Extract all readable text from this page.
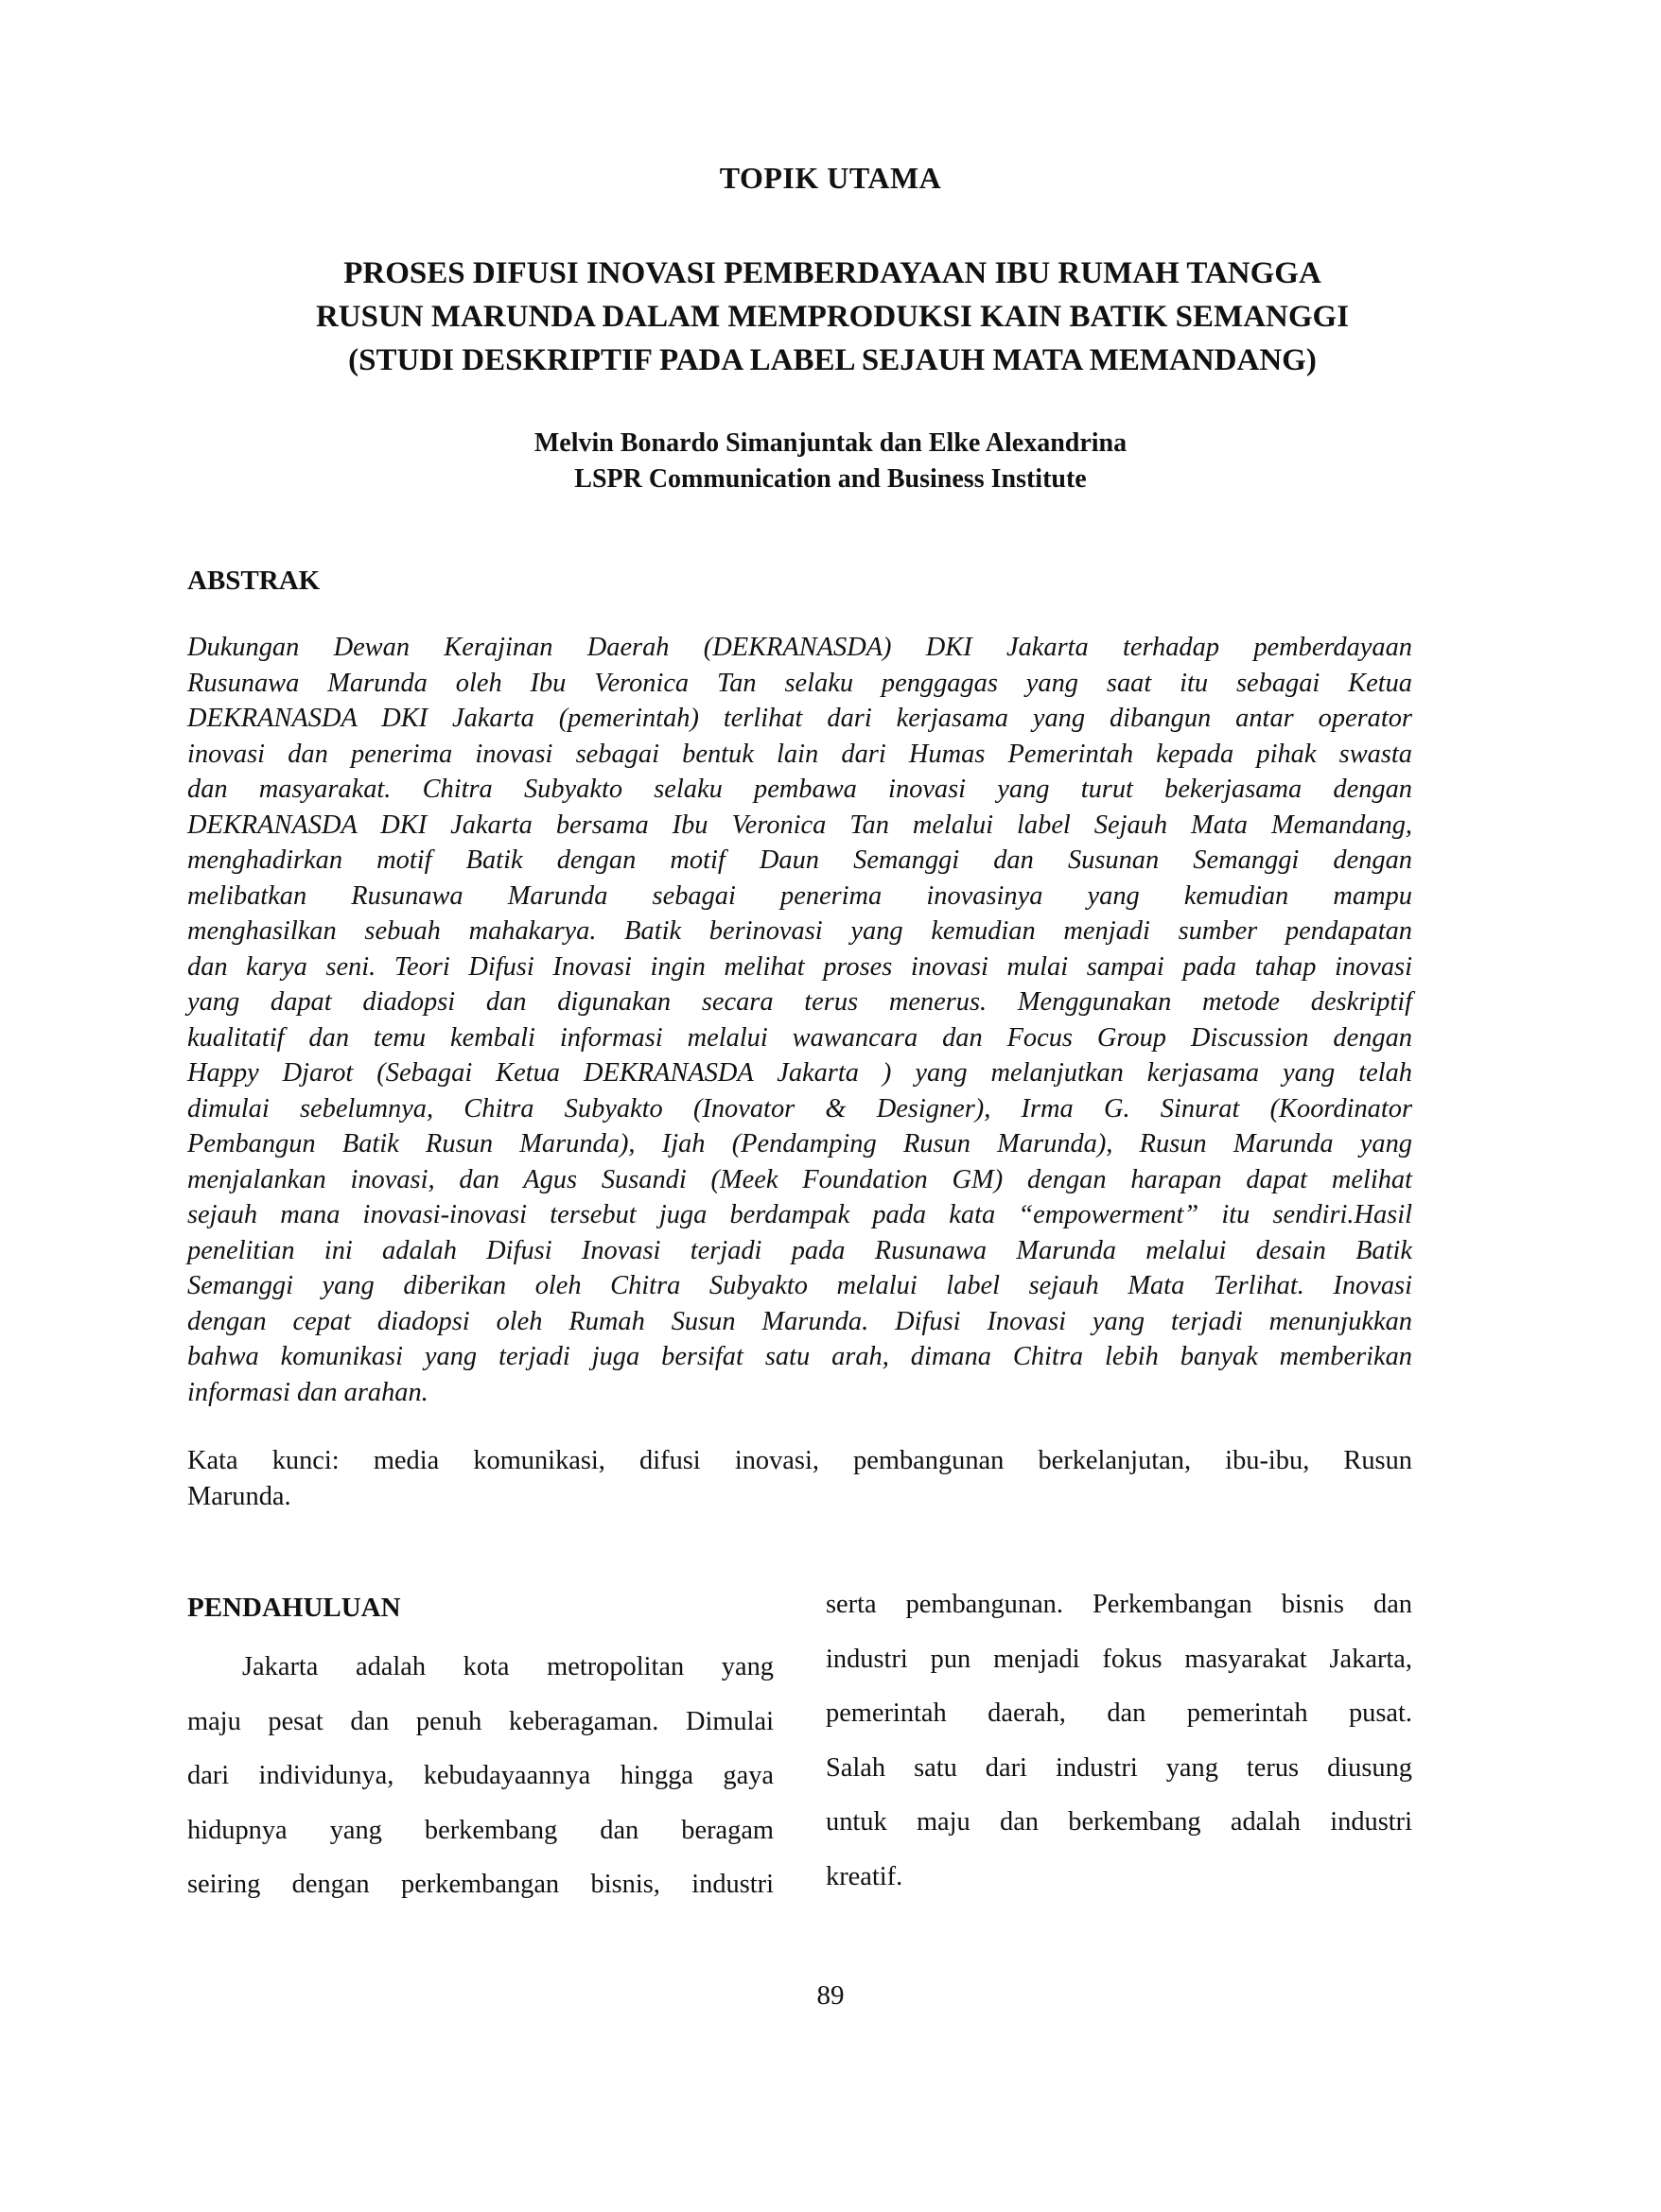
TOPIK UTAMA
PROSES DIFUSI INOVASI PEMBERDAYAAN IBU RUMAH TANGGA
RUSUN MARUNDA DALAM MEMPRODUKSI KAIN BATIK SEMANGGI
(STUDI DESKRIPTIF PADA LABEL SEJAUH MATA MEMANDANG)
Melvin Bonardo Simanjuntak dan Elke Alexandrina
LSPR Communication and Business Institute
ABSTRAK
Dukungan Dewan Kerajinan Daerah (DEKRANASDA) DKI Jakarta terhadap pemberdayaan
Rusunawa Marunda oleh Ibu Veronica Tan selaku penggagas yang saat itu sebagai Ketua
DEKRANASDA DKI Jakarta (pemerintah) terlihat dari kerjasama yang dibangun antar operator
inovasi dan penerima inovasi sebagai bentuk lain dari Humas Pemerintah kepada pihak swasta
dan masyarakat. Chitra Subyakto selaku pembawa inovasi yang turut bekerjasama dengan
DEKRANASDA DKI Jakarta bersama Ibu Veronica Tan melalui label Sejauh Mata Memandang,
menghadirkan motif Batik dengan motif Daun Semanggi dan Susunan Semanggi dengan
melibatkan Rusunawa Marunda sebagai penerima inovasinya yang kemudian mampu
menghasilkan sebuah mahakarya. Batik berinovasi yang kemudian menjadi sumber pendapatan
dan karya seni. Teori Difusi Inovasi ingin melihat proses inovasi mulai sampai pada tahap inovasi
yang dapat diadopsi dan digunakan secara terus menerus. Menggunakan metode deskriptif
kualitatif dan temu kembali informasi melalui wawancara dan Focus Group Discussion dengan
Happy Djarot (Sebagai Ketua DEKRANASDA Jakarta ) yang melanjutkan kerjasama yang telah
dimulai sebelumnya, Chitra Subyakto (Inovator & Designer), Irma G. Sinurat (Koordinator
Pembangun Batik Rusun Marunda), Ijah (Pendamping Rusun Marunda), Rusun Marunda yang
menjalankan inovasi, dan Agus Susandi (Meek Foundation GM) dengan harapan dapat melihat
sejauh mana inovasi-inovasi tersebut juga berdampak pada kata “empowerment” itu sendiri.Hasil
penelitian ini adalah Difusi Inovasi terjadi pada Rusunawa Marunda melalui desain Batik
Semanggi yang diberikan oleh Chitra Subyakto melalui label sejauh Mata Terlihat. Inovasi
dengan cepat diadopsi oleh Rumah Susun Marunda. Difusi Inovasi yang terjadi menunjukkan
bahwa komunikasi yang terjadi juga bersifat satu arah, dimana Chitra lebih banyak memberikan
informasi dan arahan.
Kata kunci: media komunikasi, difusi inovasi, pembangunan berkelanjutan, ibu-ibu, Rusun
Marunda.
PENDAHULUAN
Jakarta adalah kota metropolitan yang
maju pesat dan penuh keberagaman. Dimulai
dari individunya, kebudayaannya hingga gaya
hidupnya yang berkembang dan beragam
seiring dengan perkembangan bisnis, industri
serta pembangunan. Perkembangan bisnis dan
industri pun menjadi fokus masyarakat Jakarta,
pemerintah daerah, dan pemerintah pusat.
Salah satu dari industri yang terus diusung
untuk maju dan berkembang adalah industri
kreatif.
89
